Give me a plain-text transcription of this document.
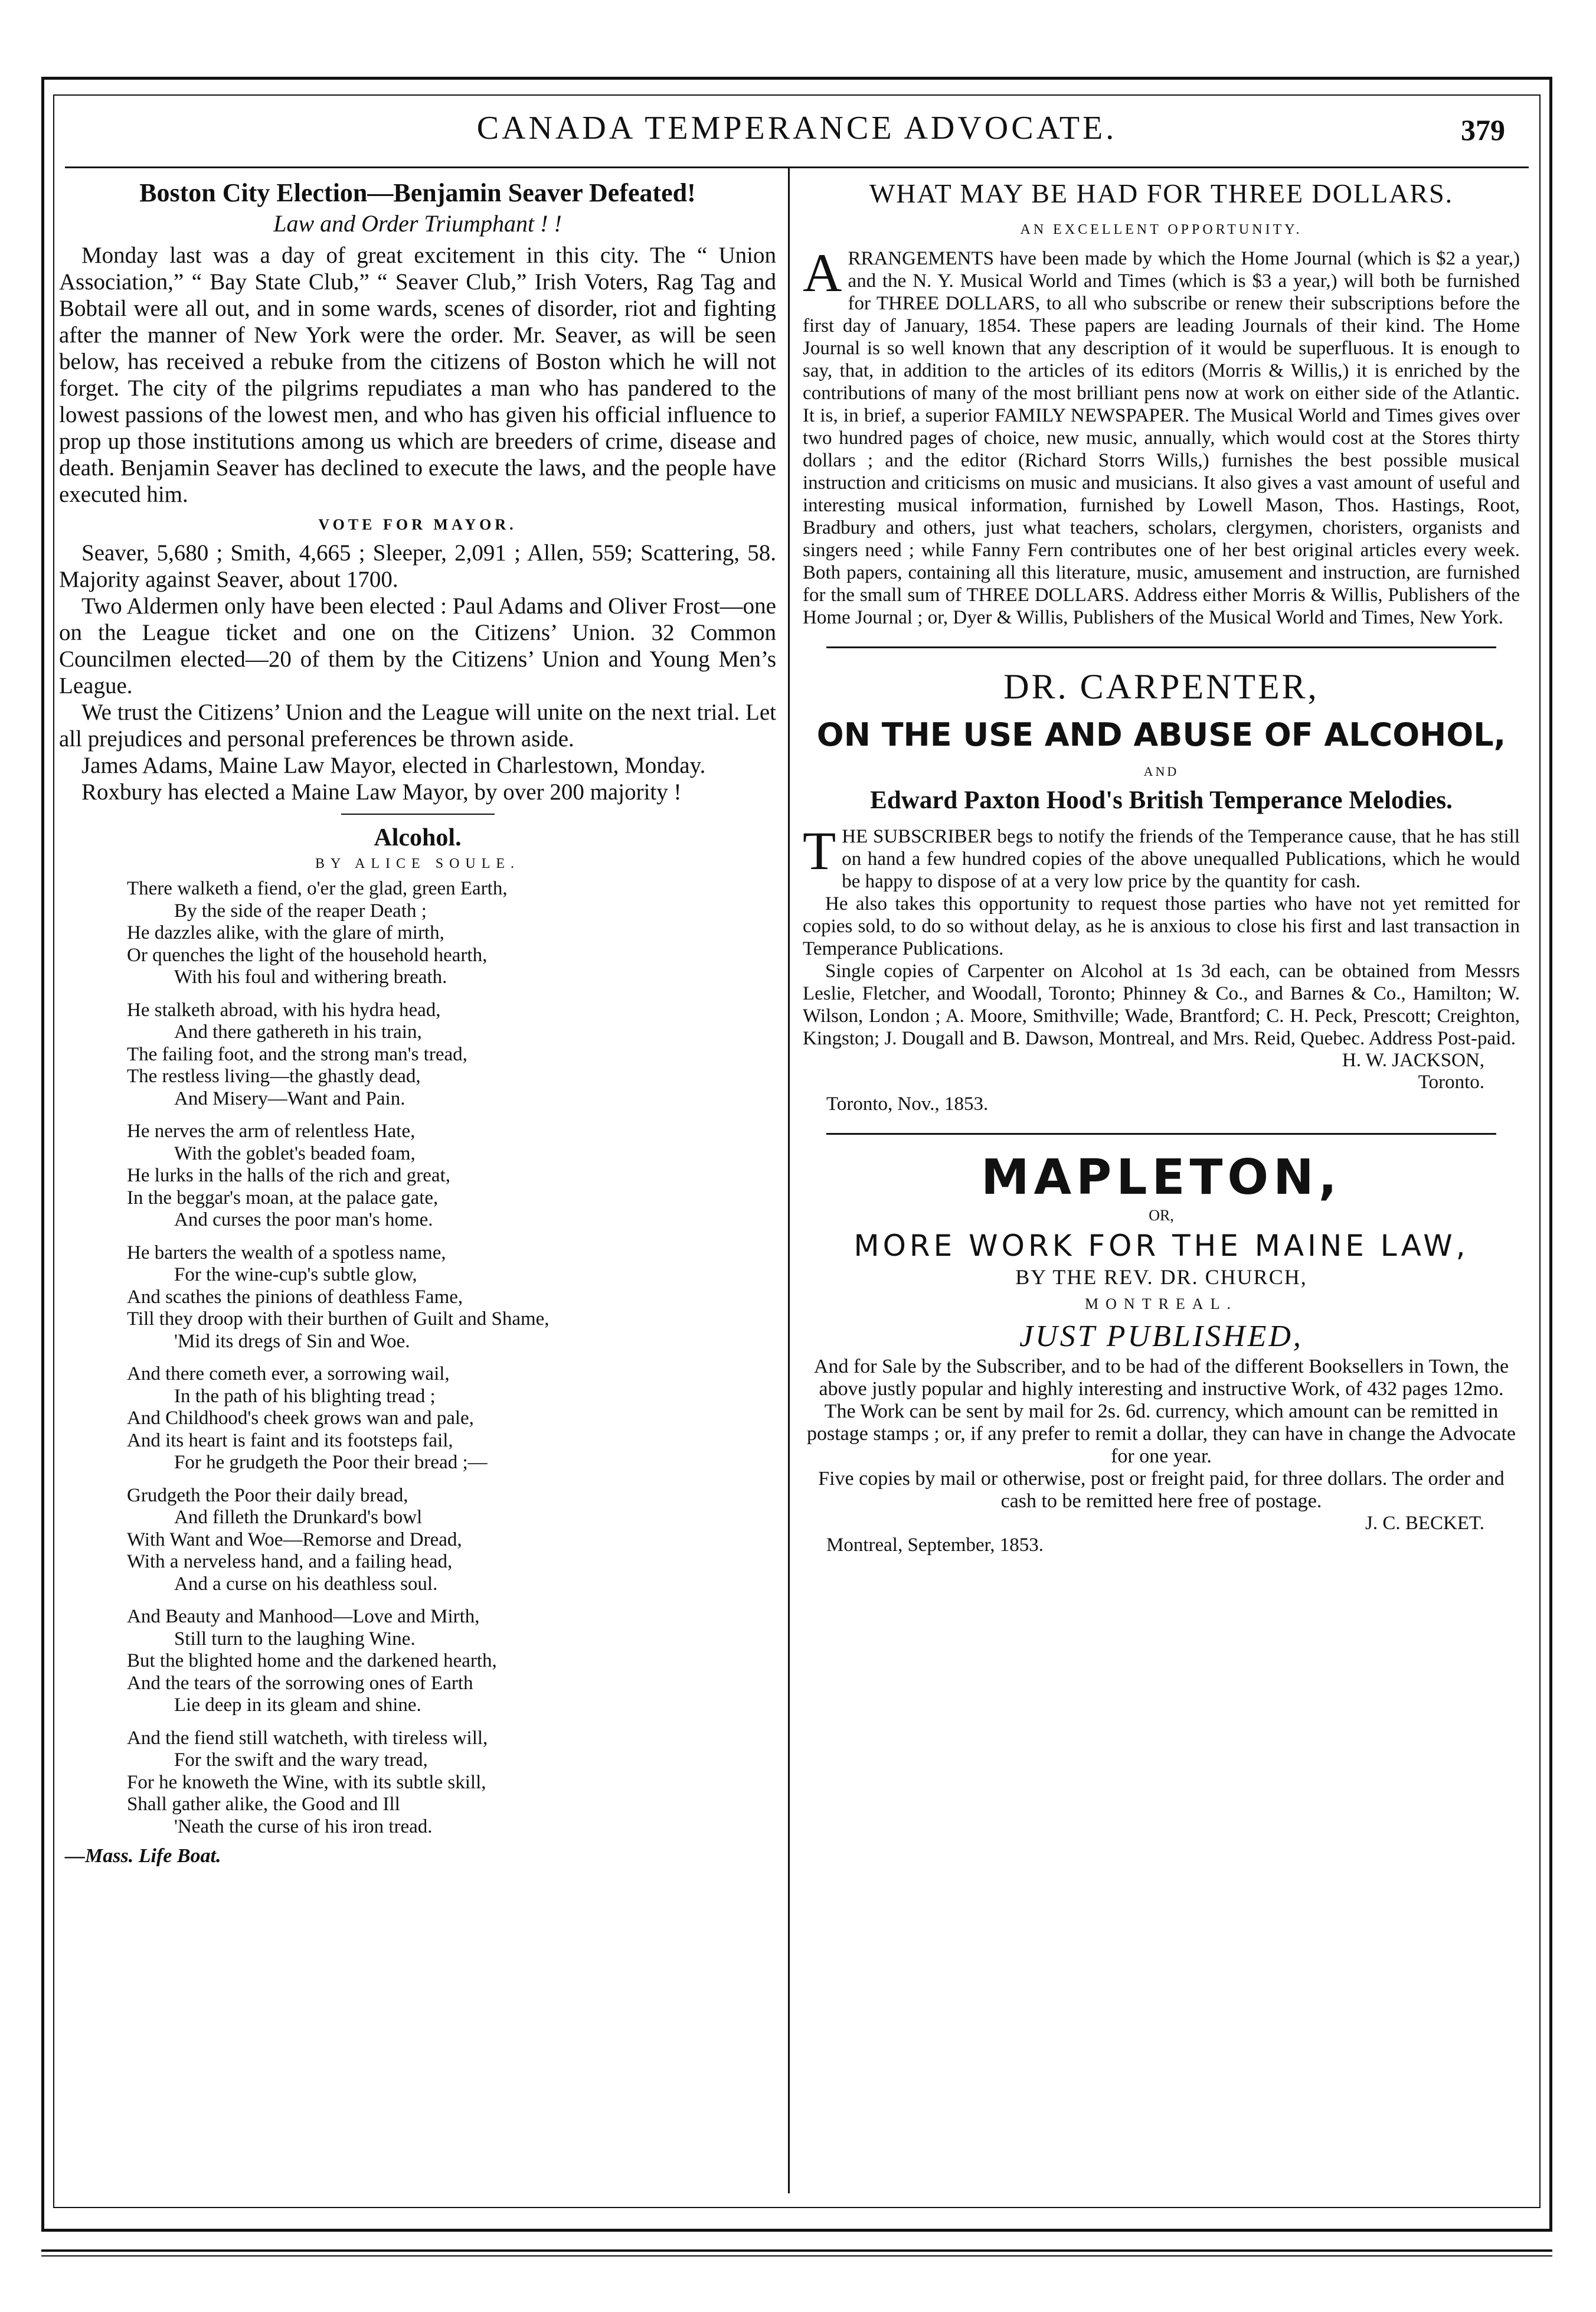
CANADA TEMPERANCE ADVOCATE.	379
Boston City Election—Benjamin Seaver Defeated!
Law and Order Triumphant ! !

Monday last was a day of great excitement in this city. The “ Union Association,” “ Bay State Club,” “ Seaver Club,” Irish Voters, Rag Tag and Bobtail were all out, and in some wards, scenes of disorder, riot and fighting after the manner of New York were the order. Mr. Seaver, as will be seen below, has received a rebuke from the citizens of Boston which he will not forget. The city of the pilgrims repudiates a man who has pandered to the lowest passions of the lowest men, and who has given his official influence to prop up those institutions among us which are breeders of crime, disease and death. Benjamin Seaver has declined to execute the laws, and the people have executed him.

VOTE FOR MAYOR.

Seaver, 5,680 ; Smith, 4,665 ; Sleeper, 2,091 ; Allen, 559; Scattering, 58. Majority against Seaver, about 1700.

Two Aldermen only have been elected : Paul Adams and Oliver Frost—one on the League ticket and one on the Citizens’ Union. 32 Common Councilmen elected—20 of them by the Citizens’ Union and Young Men’s League.

We trust the Citizens’ Union and the League will unite on the next trial. Let all prejudices and personal preferences be thrown aside.

James Adams, Maine Law Mayor, elected in Charlestown, Monday.

Roxbury has elected a Maine Law Mayor, by over 200 majority !

Alcohol.
BY ALICE SOULE.
There walketh a fiend, o'er the glad, green Earth,
By the side of the reaper Death ;
He dazzles alike, with the glare of mirth,
Or quenches the light of the household hearth,
With his foul and withering breath.
He stalketh abroad, with his hydra head,
And there gathereth in his train,
The failing foot, and the strong man's tread,
The restless living—the ghastly dead,
And Misery—Want and Pain.
He nerves the arm of relentless Hate,
With the goblet's beaded foam,
He lurks in the halls of the rich and great,
In the beggar's moan, at the palace gate,
And curses the poor man's home.
He barters the wealth of a spotless name,
For the wine-cup's subtle glow,
And scathes the pinions of deathless Fame,
Till they droop with their burthen of Guilt and Shame,
'Mid its dregs of Sin and Woe.
And there cometh ever, a sorrowing wail,
In the path of his blighting tread ;
And Childhood's cheek grows wan and pale,
And its heart is faint and its footsteps fail,
For he grudgeth the Poor their bread ;—
Grudgeth the Poor their daily bread,
And filleth the Drunkard's bowl
With Want and Woe—Remorse and Dread,
With a nerveless hand, and a failing head,
And a curse on his deathless soul.
And Beauty and Manhood—Love and Mirth,
Still turn to the laughing Wine.
But the blighted home and the darkened hearth,
And the tears of the sorrowing ones of Earth
Lie deep in its gleam and shine.
And the fiend still watcheth, with tireless will,
For the swift and the wary tread,
For he knoweth the Wine, with its subtle skill,
Shall gather alike, the Good and Ill
'Neath the curse of his iron tread.
—Mass. Life Boat.
WHAT MAY BE HAD FOR THREE DOLLARS.
AN EXCELLENT OPPORTUNITY.

ARRANGEMENTS have been made by which the Home Journal (which is $2 a year,) and the N. Y. Musical World and Times (which is $3 a year,) will both be furnished for THREE DOLLARS, to all who subscribe or renew their subscriptions before the first day of January, 1854. These papers are leading Journals of their kind. The Home Journal is so well known that any description of it would be superfluous. It is enough to say, that, in addition to the articles of its editors (Morris & Willis,) it is enriched by the contributions of many of the most brilliant pens now at work on either side of the Atlantic. It is, in brief, a superior FAMILY NEWSPAPER. The Musical World and Times gives over two hundred pages of choice, new music, annually, which would cost at the Stores thirty dollars ; and the editor (Richard Storrs Wills,) furnishes the best possible musical instruction and criticisms on music and musicians. It also gives a vast amount of useful and interesting musical information, furnished by Lowell Mason, Thos. Hastings, Root, Bradbury and others, just what teachers, scholars, clergymen, choristers, organists and singers need ; while Fanny Fern contributes one of her best original articles every week. Both papers, containing all this literature, music, amusement and instruction, are furnished for the small sum of THREE DOLLARS. Address either Morris & Willis, Publishers of the Home Journal ; or, Dyer & Willis, Publishers of the Musical World and Times, New York.

DR. CARPENTER,
ON THE USE AND ABUSE OF ALCOHOL,
AND
Edward Paxton Hood's British Temperance Melodies.

THE SUBSCRIBER begs to notify the friends of the Temperance cause, that he has still on hand a few hundred copies of the above unequalled Publications, which he would be happy to dispose of at a very low price by the quantity for cash.

He also takes this opportunity to request those parties who have not yet remitted for copies sold, to do so without delay, as he is anxious to close his first and last transaction in Temperance Publications.

Single copies of Carpenter on Alcohol at 1s 3d each, can be obtained from Messrs Leslie, Fletcher, and Woodall, Toronto; Phinney & Co., and Barnes & Co., Hamilton; W. Wilson, London ; A. Moore, Smithville; Wade, Brantford; C. H. Peck, Prescott; Creighton, Kingston; J. Dougall and B. Dawson, Montreal, and Mrs. Reid, Quebec. Address Post-paid.

H. W. JACKSON,
Toronto.
Toronto, Nov., 1853.
MAPLETON,
OR,
MORE WORK FOR THE MAINE LAW,
BY THE REV. DR. CHURCH,
MONTREAL.
JUST PUBLISHED,

And for Sale by the Subscriber, and to be had of the different Booksellers in Town, the above justly popular and highly interesting and instructive Work, of 432 pages 12mo.

The Work can be sent by mail for 2s. 6d. currency, which amount can be remitted in postage stamps ; or, if any prefer to remit a dollar, they can have in change the Advocate for one year.

Five copies by mail or otherwise, post or freight paid, for three dollars. The order and cash to be remitted here free of postage.

J. C. BECKET.
Montreal, September, 1853.
